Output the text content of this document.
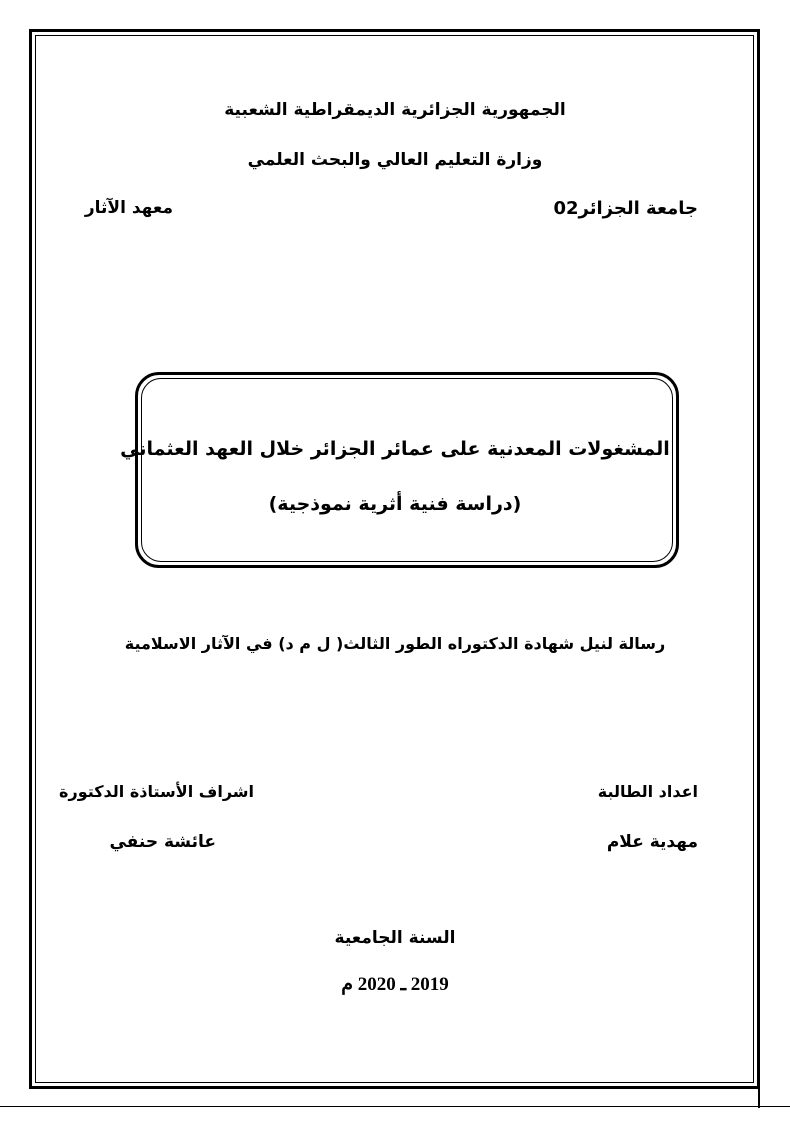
الجمهورية الجزائرية الديمقراطية الشعبية
وزارة التعليم العالي والبحث العلمي
جامعة الجزائر02
معهد الآثار
المشغولات المعدنية على عمائر الجزائر خلال العهد العثماني
(دراسة فنية أثرية نموذجية)
رسالة لنيل شهادة الدكتوراه الطور الثالث( ل م د) في الآثار الاسلامية
اعداد الطالبة
اشراف الأستاذة الدكتورة
مهدية علام
عائشة حنفي
السنة الجامعية
2019 ـ 2020 م
